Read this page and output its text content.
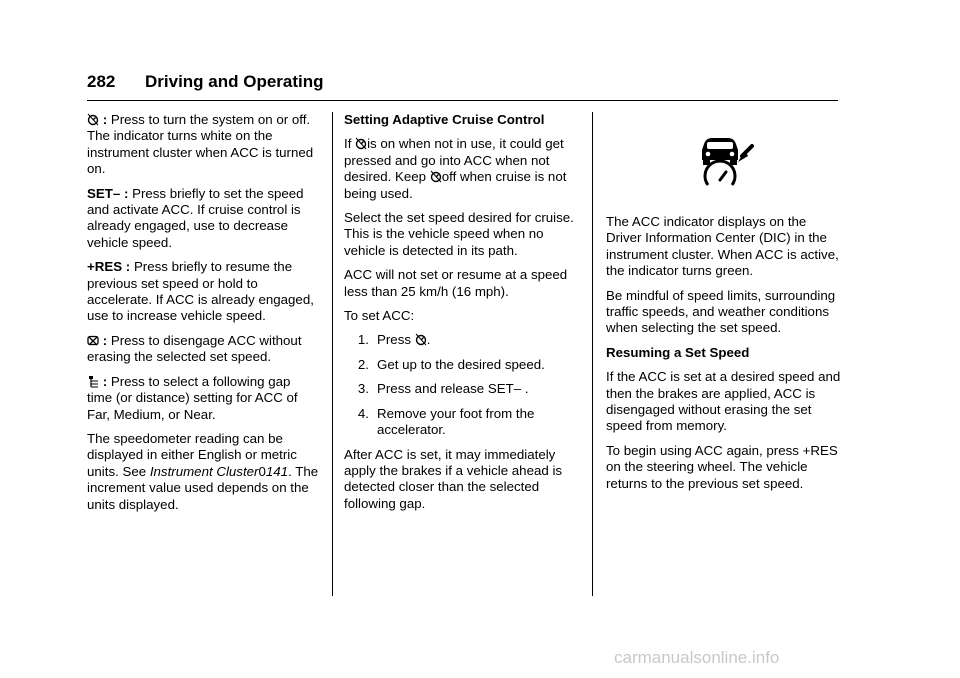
282 Driving and Operating

: Press to turn the system on or off. The indicator turns white on the instrument cluster when ACC is turned on.

SET– : Press briefly to set the speed and activate ACC. If cruise control is already engaged, use to decrease vehicle speed.

+RES : Press briefly to resume the previous set speed or hold to accelerate. If ACC is already engaged, use to increase vehicle speed.

: Press to disengage ACC without erasing the selected set speed.

: Press to select a following gap time (or distance) setting for ACC of Far, Medium, or Near.

The speedometer reading can be displayed in either English or metric units. See Instrument Cluster0141. The increment value used depends on the units displayed.

Setting Adaptive Cruise Control

If is on when not in use, it could get pressed and go into ACC when not desired. Keep off when cruise is not being used.

Select the set speed desired for cruise. This is the vehicle speed when no vehicle is detected in its path.

ACC will not set or resume at a speed less than 25 km/h (16 mph).

To set ACC:

1. Press .
2. Get up to the desired speed.
3. Press and release SET– .
4. Remove your foot from the accelerator.

After ACC is set, it may immediately apply the brakes if a vehicle ahead is detected closer than the selected following gap.

The ACC indicator displays on the Driver Information Center (DIC) in the instrument cluster. When ACC is active, the indicator turns green.

Be mindful of speed limits, surrounding traffic speeds, and weather conditions when selecting the set speed.

Resuming a Set Speed

If the ACC is set at a desired speed and then the brakes are applied, ACC is disengaged without erasing the set speed from memory.

To begin using ACC again, press +RES on the steering wheel. The vehicle returns to the previous set speed.

carmanualsonline.info
